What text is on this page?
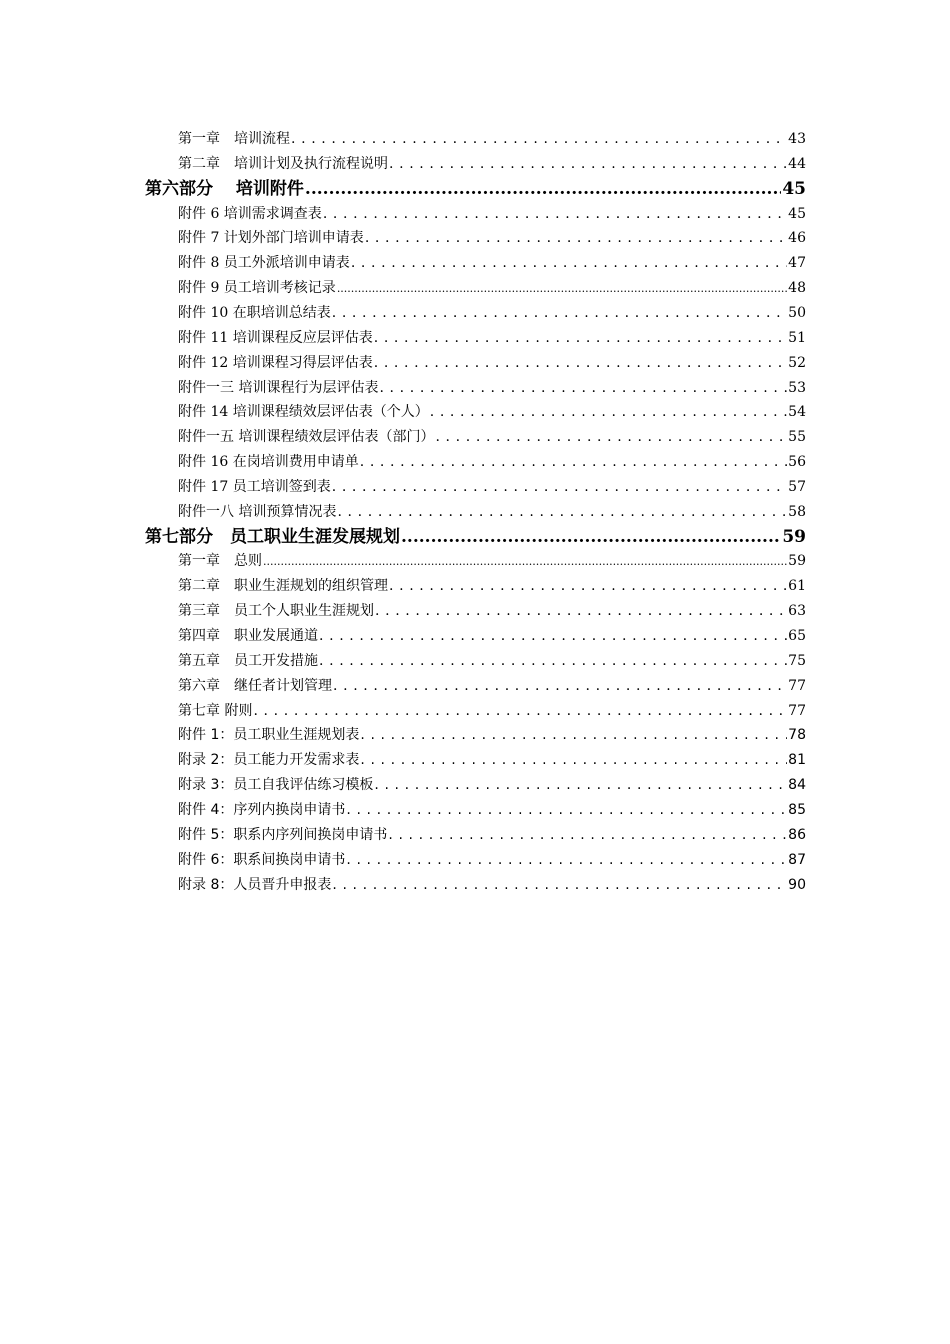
第一章　培训流程 . . .	43
第二章　培训计划及执行流程说明 . . .	44
第六部分　 培训附件 .....	45
附件 6 培训需求调查表 . . .	45
附件 7 计划外部门培训申请表 . . .	46
附件 8 员工外派培训申请表 . . .	47
附件 9 员工培训考核记录 .....	48
附件 10 在职培训总结表 . . .	50
附件 11 培训课程反应层评估表 . . .	51
附件 12 培训课程习得层评估表 . . .	52
附件一三 培训课程行为层评估表 . . .	53
附件 14 培训课程绩效层评估表（个人） . . .	54
附件一五 培训课程绩效层评估表（部门） . . .	55
附件 16 在岗培训费用申请单 . . .	56
附件 17 员工培训签到表 . . .	57
附件一八 培训预算情况表 . . .	58
第七部分　员工职业生涯发展规划 .....	59
第一章　总则 .....	59
第二章　职业生涯规划的组织管理 . . .	61
第三章　员工个人职业生涯规划 . . .	63
第四章　职业发展通道 . . .	65
第五章　员工开发措施 . . .	75
第六章　继任者计划管理 . . .	77
第七章 附则 . . .	77
附件 1：员工职业生涯规划表 . . .	78
附录 2：员工能力开发需求表 . . .	81
附录 3：员工自我评估练习模板 . . .	84
附件 4：序列内换岗申请书 . . .	85
附件 5：职系内序列间换岗申请书 . . .	86
附件 6：职系间换岗申请书 . . .	87
附录 8：人员晋升申报表 . . .	90
